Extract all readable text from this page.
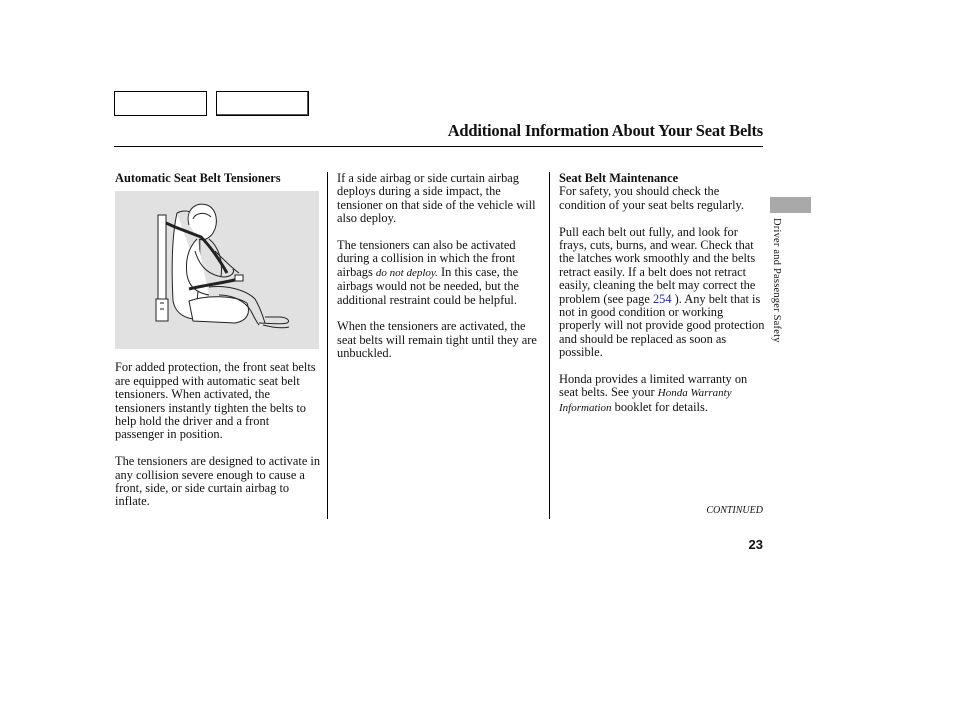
Additional Information About Your Seat Belts
Automatic Seat Belt Tensioners

For added protection, the front seat belts are equipped with automatic seat belt tensioners. When activated, the tensioners instantly tighten the belts to help hold the driver and a front passenger in position.

The tensioners are designed to activate in any collision severe enough to cause a front, side, or side curtain airbag to inflate.

If a side airbag or side curtain airbag deploys during a side impact, the tensioner on that side of the vehicle will also deploy.

The tensioners can also be activated during a collision in which the front airbags do not deploy. In this case, the airbags would not be needed, but the additional restraint could be helpful.

When the tensioners are activated, the seat belts will remain tight until they are unbuckled.

Seat Belt Maintenance

For safety, you should check the condition of your seat belts regularly.

Pull each belt out fully, and look for frays, cuts, burns, and wear. Check that the latches work smoothly and the belts retract easily. If a belt does not retract easily, cleaning the belt may correct the problem (see page 254 ). Any belt that is not in good condition or working properly will not provide good protection and should be replaced as soon as possible.

Honda provides a limited warranty on seat belts. See your Honda Warranty Information booklet for details.

CONTINUED
23
Driver and Passenger Safety
